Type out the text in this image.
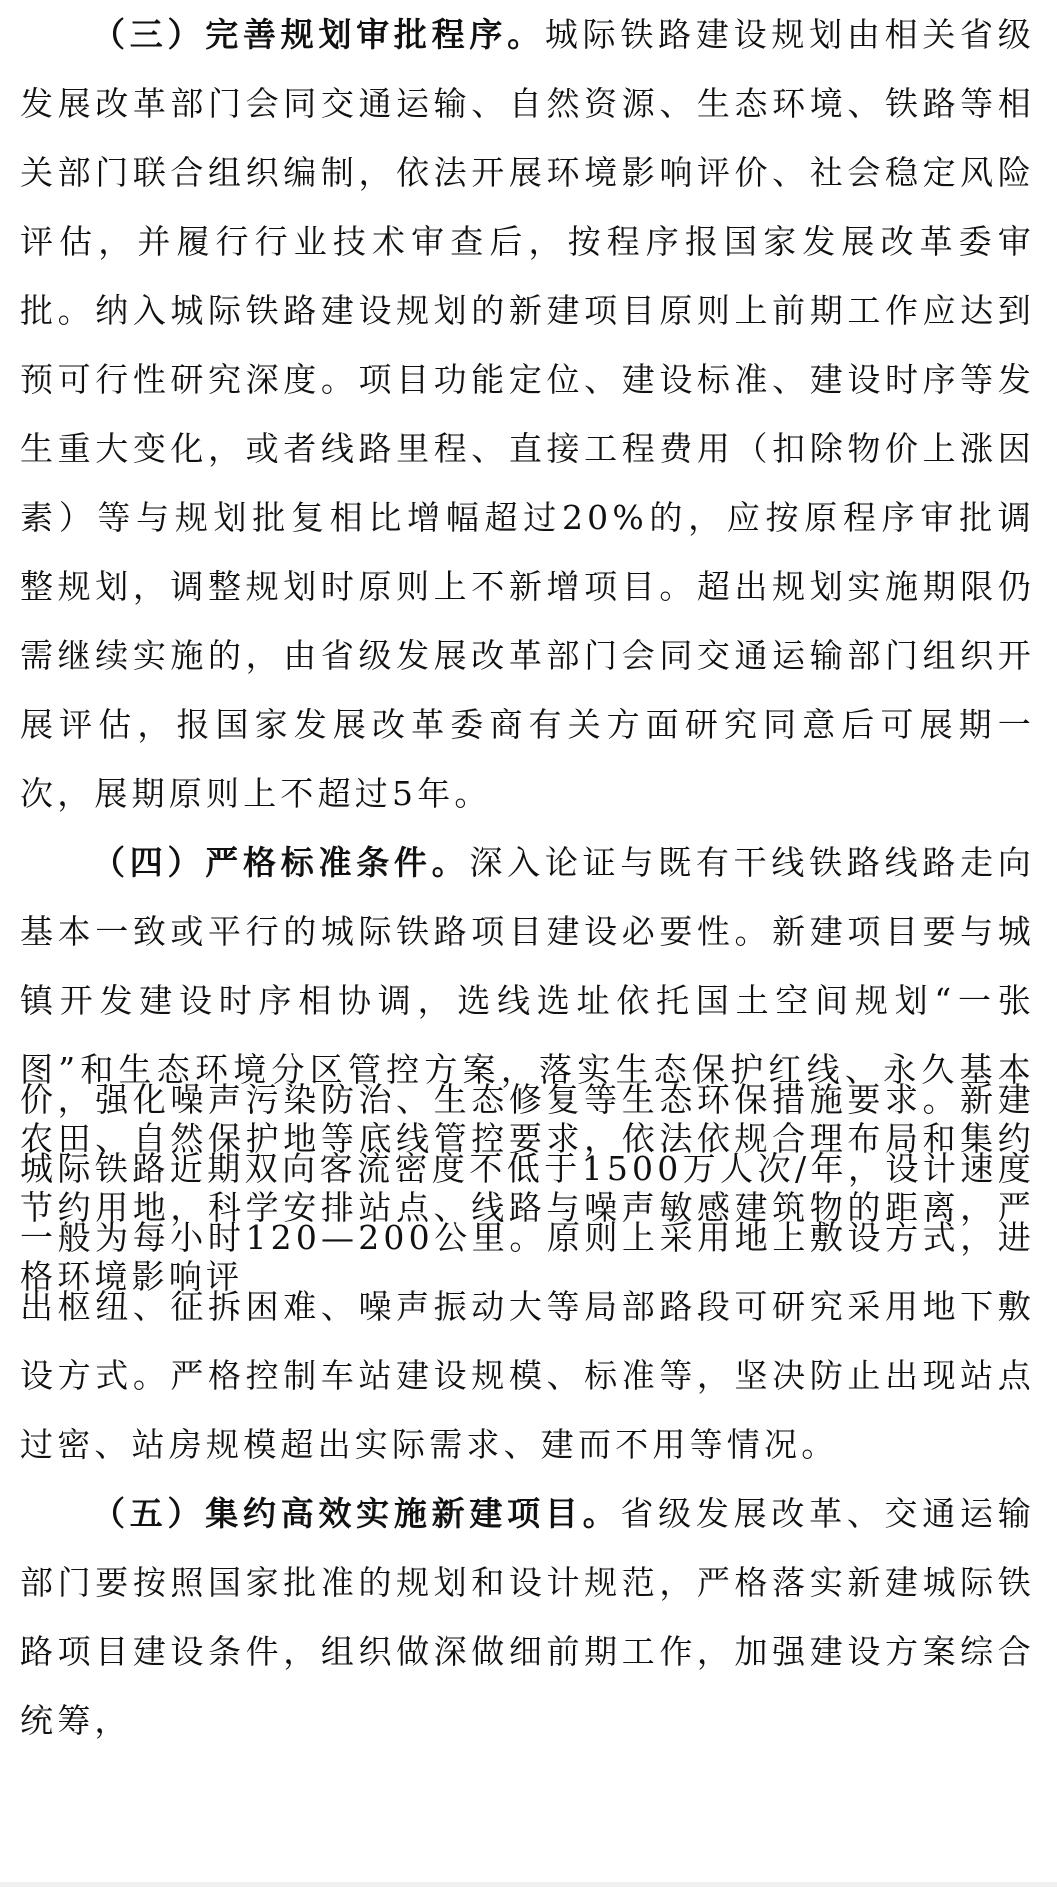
（三）完善规划审批程序。城际铁路建设规划由相关省级发展改革部门会同交通运输、自然资源、生态环境、铁路等相关部门联合组织编制，依法开展环境影响评价、社会稳定风险评估，并履行行业技术审查后，按程序报国家发展改革委审批。纳入城际铁路建设规划的新建项目原则上前期工作应达到预可行性研究深度。项目功能定位、建设标准、建设时序等发生重大变化，或者线路里程、直接工程费用（扣除物价上涨因素）等与规划批复相比增幅超过20%的，应按原程序审批调整规划，调整规划时原则上不新增项目。超出规划实施期限仍需继续实施的，由省级发展改革部门会同交通运输部门组织开展评估，报国家发展改革委商有关方面研究同意后可展期一次，展期原则上不超过5年。

（四）严格标准条件。深入论证与既有干线铁路线路走向基本一致或平行的城际铁路项目建设必要性。新建项目要与城镇开发建设时序相协调，选线选址依托国土空间规划“一张图”和生态环境分区管控方案，落实生态保护红线、永久基本农田、自然保护地等底线管控要求，依法依规合理布局和集约节约用地，科学安排站点、线路与噪声敏感建筑物的距离，严格环境影响评

价，强化噪声污染防治、生态修复等生态环保措施要求。新建城际铁路近期双向客流密度不低于1500万人次/年，设计速度一般为每小时120—200公里。原则上采用地上敷设方式，进出枢纽、征拆困难、噪声振动大等局部路段可研究采用地下敷设方式。严格控制车站建设规模、标准等，坚决防止出现站点过密、站房规模超出实际需求、建而不用等情况。

（五）集约高效实施新建项目。省级发展改革、交通运输部门要按照国家批准的规划和设计规范，严格落实新建城际铁路项目建设条件，组织做深做细前期工作，加强建设方案综合统筹，
